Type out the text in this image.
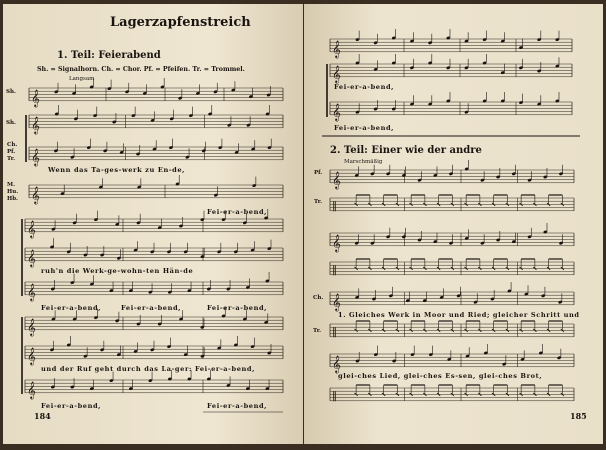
𝄞
𝄞
𝄞
𝄞
𝄞
𝄞
𝄞
𝄞
𝄞
𝄞
Lagerzapfenstreich
1. Teil: Feierabend
Sh. = Signalhorn. Ch. = Chor. Pf. = Pfeifen. Tr. = Trommel.
Langsam
Sh.
Sh.
Ch.
Pf.
Tr.
M.
Hu.
Hb.
Wenn das Ta-ges-werk zu En-de,
Fei-er-a-bend,
ruh'n die Werk-ge-wohn-ten Hän-de
Fei-er-a-bend,	Fei-er-a-bend,	Fei-er-a-bend,
und der Ruf geht durch das La-ger: Fei-er-a-bend,
Fei-er-a-bend,	Fei-er-a-bend,
184
𝄞
𝄞
𝄞
𝄞
‖
𝄞
‖
𝄞
‖
𝄞
‖
Fei-er-a-bend,
Fei-er-a-bend,
2. Teil: Einer wie der andre
Marschmäßig
Pf.
Tr.
Ch.
Tr.
1. Gleiches Werk in Moor und Ried; gleicher Schritt und
glei-ches Lied, glei-ches Es-sen, glei-ches Brot,
185
